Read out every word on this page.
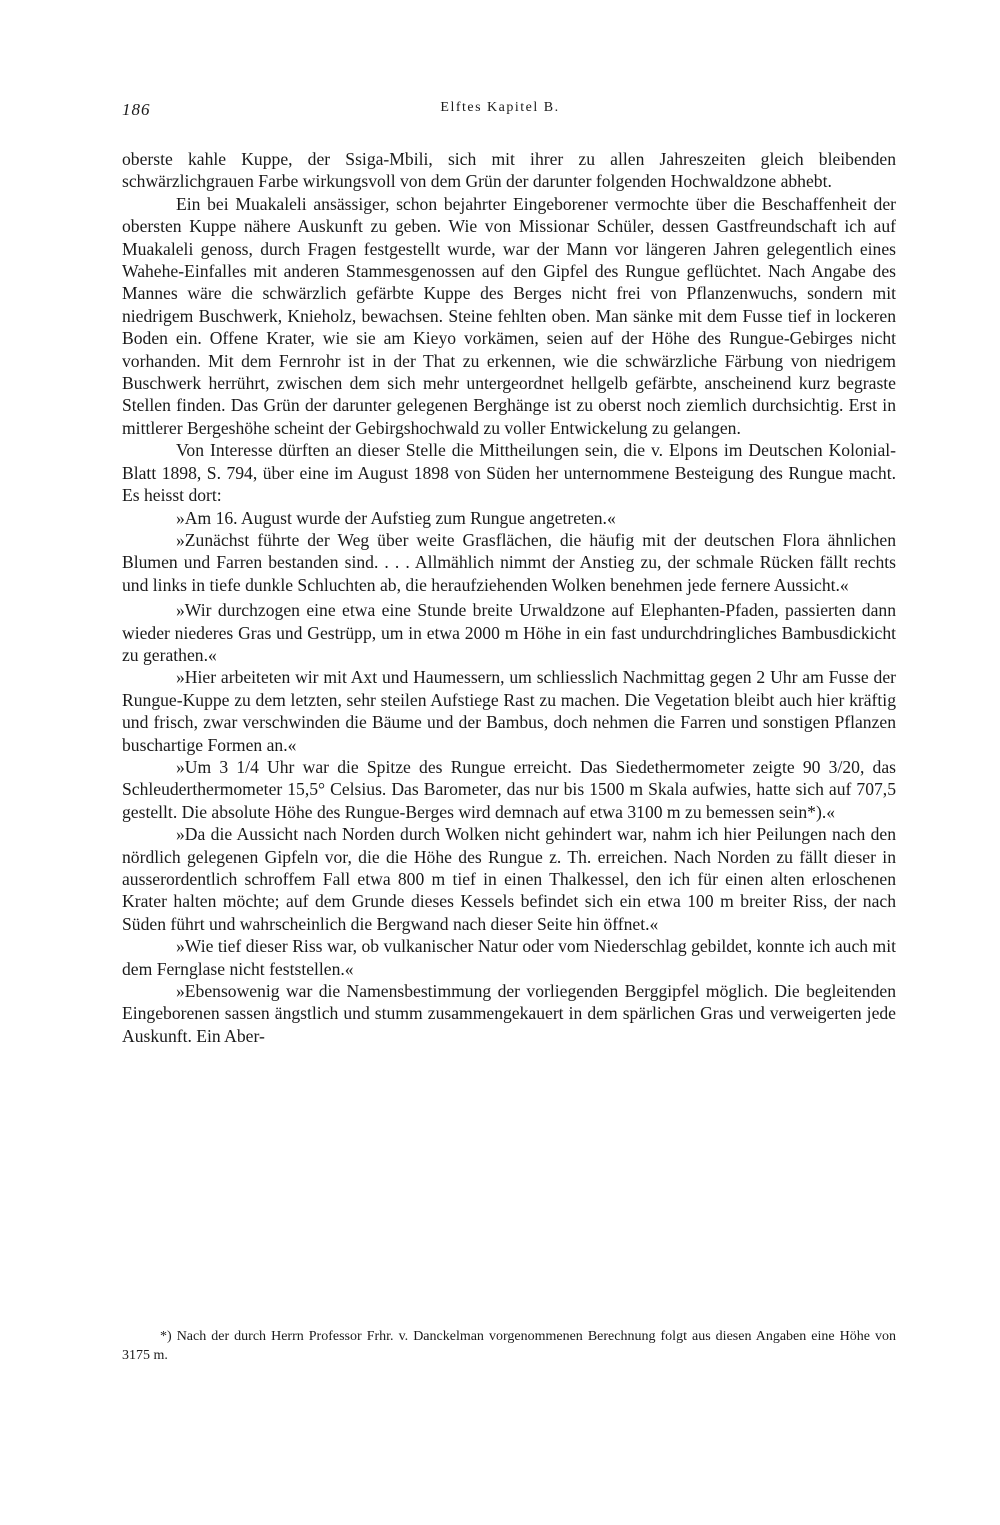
186	Elftes Kapitel B.

oberste kahle Kuppe, der Ssiga-Mbili, sich mit ihrer zu allen Jahreszeiten gleich bleibenden schwärzlichgrauen Farbe wirkungsvoll von dem Grün der darunter folgenden Hochwaldzone abhebt.

Ein bei Muakaleli ansässiger, schon bejahrter Eingeborener vermochte über die Beschaffenheit der obersten Kuppe nähere Auskunft zu geben. Wie von Missionar Schüler, dessen Gastfreundschaft ich auf Muakaleli genoss, durch Fragen festgestellt wurde, war der Mann vor längeren Jahren gelegentlich eines Wahehe-Einfalles mit anderen Stammesgenossen auf den Gipfel des Rungue geflüchtet. Nach Angabe des Mannes wäre die schwärzlich gefärbte Kuppe des Berges nicht frei von Pflanzenwuchs, sondern mit niedrigem Buschwerk, Knieholz, bewachsen. Steine fehlten oben. Man sänke mit dem Fusse tief in lockeren Boden ein. Offene Krater, wie sie am Kieyo vorkämen, seien auf der Höhe des Rungue-Gebirges nicht vorhanden. Mit dem Fernrohr ist in der That zu erkennen, wie die schwärzliche Färbung von niedrigem Buschwerk herrührt, zwischen dem sich mehr untergeordnet hellgelb gefärbte, anscheinend kurz begraste Stellen finden. Das Grün der darunter gelegenen Berghänge ist zu oberst noch ziemlich durchsichtig. Erst in mittlerer Bergeshöhe scheint der Gebirgshochwald zu voller Entwickelung zu gelangen.

Von Interesse dürften an dieser Stelle die Mittheilungen sein, die v. Elpons im Deutschen Kolonial-Blatt 1898, S. 794, über eine im August 1898 von Süden her unternommene Besteigung des Rungue macht. Es heisst dort:

»Am 16. August wurde der Aufstieg zum Rungue angetreten.«

»Zunächst führte der Weg über weite Grasflächen, die häufig mit der deutschen Flora ähnlichen Blumen und Farren bestanden sind. . . . Allmählich nimmt der Anstieg zu, der schmale Rücken fällt rechts und links in tiefe dunkle Schluchten ab, die heraufziehenden Wolken benehmen jede fernere Aussicht.«

»Wir durchzogen eine etwa eine Stunde breite Urwaldzone auf Elephanten-Pfaden, passierten dann wieder niederes Gras und Gestrüpp, um in etwa 2000 m Höhe in ein fast undurchdringliches Bambusdickicht zu gerathen.«

»Hier arbeiteten wir mit Axt und Haumessern, um schliesslich Nachmittag gegen 2 Uhr am Fusse der Rungue-Kuppe zu dem letzten, sehr steilen Aufstiege Rast zu machen. Die Vegetation bleibt auch hier kräftig und frisch, zwar verschwinden die Bäume und der Bambus, doch nehmen die Farren und sonstigen Pflanzen buschartige Formen an.«

»Um 3 1/4 Uhr war die Spitze des Rungue erreicht. Das Siedethermometer zeigte 90 3/20, das Schleuderthermometer 15,5° Celsius. Das Barometer, das nur bis 1500 m Skala aufwies, hatte sich auf 707,5 gestellt. Die absolute Höhe des Rungue-Berges wird demnach auf etwa 3100 m zu bemessen sein*).«

»Da die Aussicht nach Norden durch Wolken nicht gehindert war, nahm ich hier Peilungen nach den nördlich gelegenen Gipfeln vor, die die Höhe des Rungue z. Th. erreichen. Nach Norden zu fällt dieser in ausserordentlich schroffem Fall etwa 800 m tief in einen Thalkessel, den ich für einen alten erloschenen Krater halten möchte; auf dem Grunde dieses Kessels befindet sich ein etwa 100 m breiter Riss, der nach Süden führt und wahrscheinlich die Bergwand nach dieser Seite hin öffnet.«

»Wie tief dieser Riss war, ob vulkanischer Natur oder vom Niederschlag gebildet, konnte ich auch mit dem Fernglase nicht feststellen.«

»Ebensowenig war die Namensbestimmung der vorliegenden Berggipfel möglich. Die begleitenden Eingeborenen sassen ängstlich und stumm zusammengekauert in dem spärlichen Gras und verweigerten jede Auskunft. Ein Aber-

*) Nach der durch Herrn Professor Frhr. v. Danckelman vorgenommenen Berechnung folgt aus diesen Angaben eine Höhe von 3175 m.
